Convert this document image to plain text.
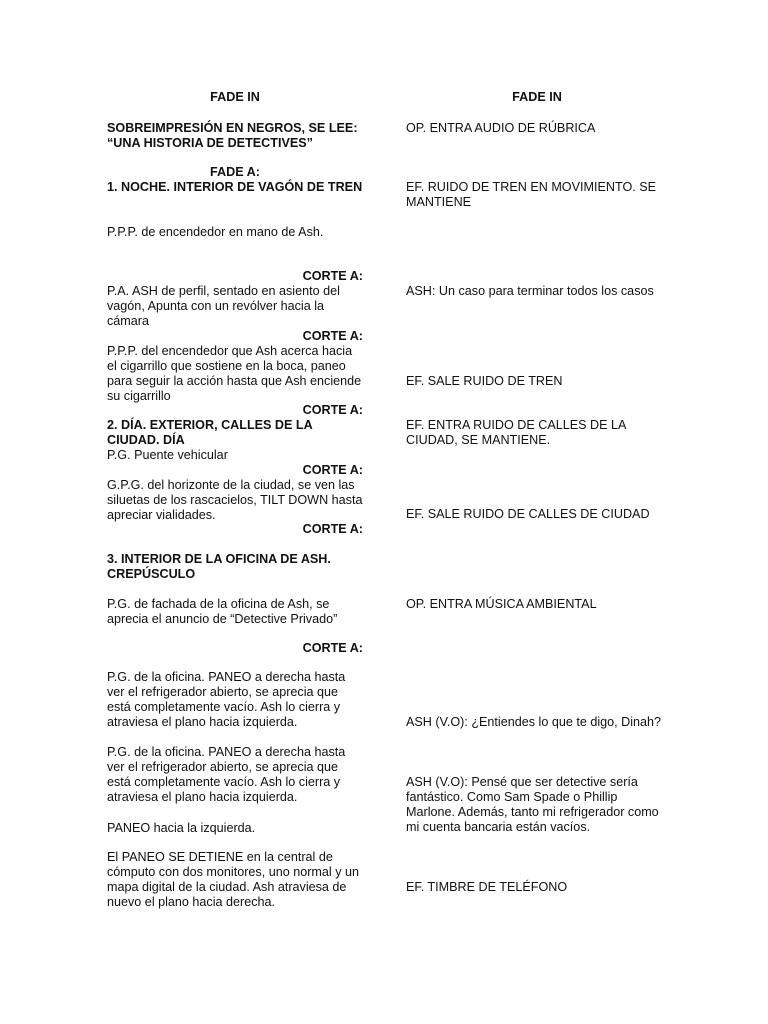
FADE IN
SOBREIMPRESIÓN EN NEGROS, SE LEE: “UNA HISTORIA DE DETECTIVES”
FADE A:
1. NOCHE. INTERIOR DE VAGÓN DE TREN
P.P.P. de encendedor en mano de Ash.
CORTE A:
P.A. ASH de perfil, sentado en asiento del vagón, Apunta con un revólver hacia la cámara
CORTE A:
P.P.P. del encendedor que Ash acerca hacia el cigarrillo que sostiene en la boca, paneo para seguir la acción hasta que Ash enciende su cigarrillo
CORTE A:
2. DÍA. EXTERIOR, CALLES DE LA CIUDAD. DÍA
P.G. Puente vehicular
CORTE A:
G.P.G. del horizonte de la ciudad, se ven las siluetas de los rascacielos, TILT DOWN hasta apreciar vialidades.
CORTE A:
3. INTERIOR DE LA OFICINA DE ASH. CREPÚSCULO
P.G. de fachada de la oficina de Ash, se aprecia el anuncio de “Detective Privado”
CORTE A:
P.G. de la oficina. PANEO a derecha hasta ver el refrigerador abierto, se aprecia que está completamente vacío. Ash lo cierra y atraviesa el plano hacia izquierda.
P.G. de la oficina. PANEO a derecha hasta ver el refrigerador abierto, se aprecia que está completamente vacío. Ash lo cierra y atraviesa el plano hacia izquierda.
PANEO hacia la izquierda.
El PANEO SE DETIENE en la central de cómputo con dos monitores, uno normal y un mapa digital de la ciudad. Ash atraviesa de nuevo el plano hacia derecha.
FADE IN
OP. ENTRA AUDIO DE RÚBRICA
EF. RUIDO DE TREN EN MOVIMIENTO. SE MANTIENE
ASH: Un caso para terminar todos los casos
EF. SALE RUIDO DE TREN
EF. ENTRA RUIDO DE CALLES DE LA CIUDAD, SE MANTIENE.
EF. SALE RUIDO DE CALLES DE CIUDAD
OP. ENTRA MÚSICA AMBIENTAL
ASH (V.O): ¿Entiendes lo que te digo, Dinah?
ASH (V.O): Pensé que ser detective sería fantástico. Como Sam Spade o Phillip Marlone. Además, tanto mi refrigerador como mi cuenta bancaria están vacíos.
EF. TIMBRE DE TELÉFONO
